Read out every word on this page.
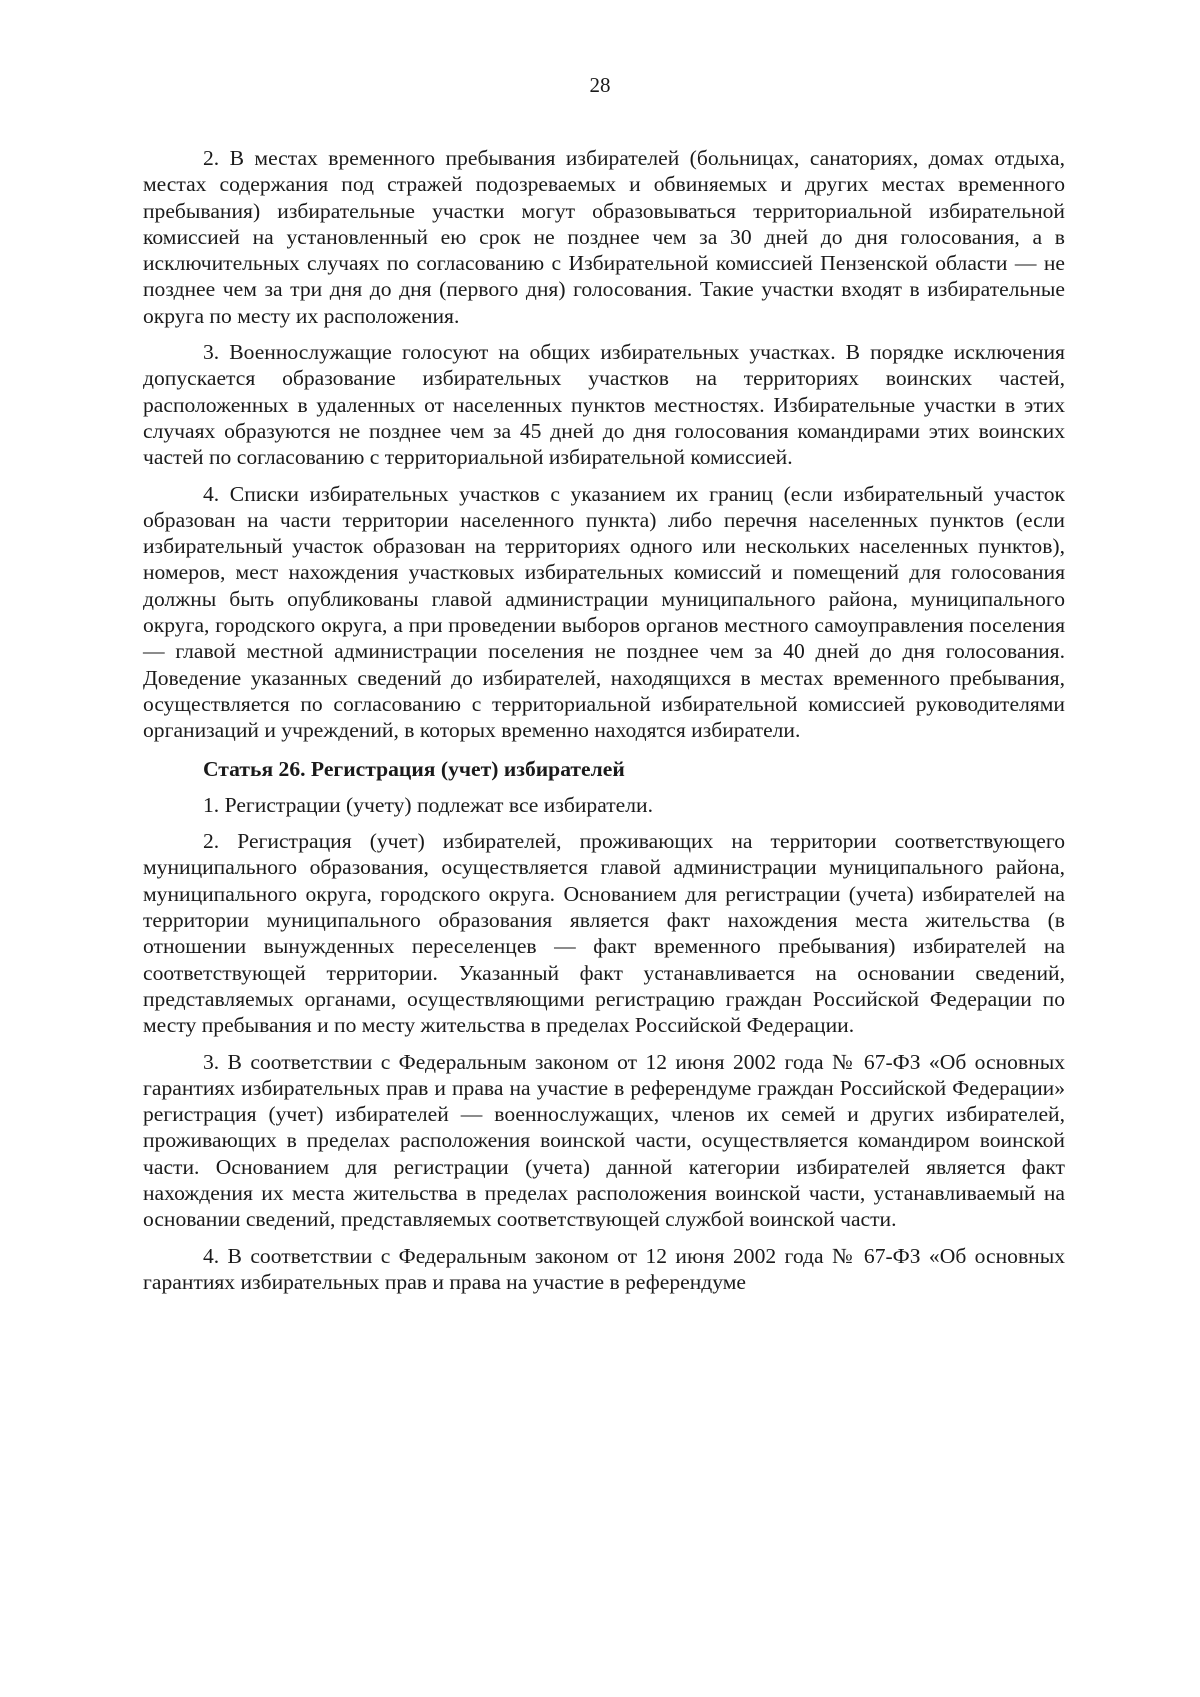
28

2. В местах временного пребывания избирателей (больницах, санаториях, домах отдыха, местах содержания под стражей подозреваемых и обвиняемых и других местах временного пребывания) избирательные участки могут образовываться территориальной избирательной комиссией на установленный ею срок не позднее чем за 30 дней до дня голосования, а в исключительных случаях по согласованию с Избирательной комиссией Пензенской области — не позднее чем за три дня до дня (первого дня) голосования. Такие участки входят в избирательные округа по месту их расположения.

3. Военнослужащие голосуют на общих избирательных участках. В порядке исключения допускается образование избирательных участков на территориях воинских частей, расположенных в удаленных от населенных пунктов местностях. Избирательные участки в этих случаях образуются не позднее чем за 45 дней до дня голосования командирами этих воинских частей по согласованию с территориальной избирательной комиссией.

4. Списки избирательных участков с указанием их границ (если избирательный участок образован на части территории населенного пункта) либо перечня населенных пунктов (если избирательный участок образован на территориях одного или нескольких населенных пунктов), номеров, мест нахождения участковых избирательных комиссий и помещений для голосования должны быть опубликованы главой администрации муниципального района, муниципального округа, городского округа, а при проведении выборов органов местного самоуправления поселения — главой местной администрации поселения не позднее чем за 40 дней до дня голосования. Доведение указанных сведений до избирателей, находящихся в местах временного пребывания, осуществляется по согласованию с территориальной избирательной комиссией руководителями организаций и учреждений, в которых временно находятся избиратели.

Статья 26. Регистрация (учет) избирателей

1. Регистрации (учету) подлежат все избиратели.

2. Регистрация (учет) избирателей, проживающих на территории соответствующего муниципального образования, осуществляется главой администрации муниципального района, муниципального округа, городского округа. Основанием для регистрации (учета) избирателей на территории муниципального образования является факт нахождения места жительства (в отношении вынужденных переселенцев — факт временного пребывания) избирателей на соответствующей территории. Указанный факт устанавливается на основании сведений, представляемых органами, осуществляющими регистрацию граждан Российской Федерации по месту пребывания и по месту жительства в пределах Российской Федерации.

3. В соответствии с Федеральным законом от 12 июня 2002 года № 67-ФЗ «Об основных гарантиях избирательных прав и права на участие в референдуме граждан Российской Федерации» регистрация (учет) избирателей — военнослужащих, членов их семей и других избирателей, проживающих в пределах расположения воинской части, осуществляется командиром воинской части. Основанием для регистрации (учета) данной категории избирателей является факт нахождения их места жительства в пределах расположения воинской части, устанавливаемый на основании сведений, представляемых соответствующей службой воинской части.

4. В соответствии с Федеральным законом от 12 июня 2002 года № 67-ФЗ «Об основных гарантиях избирательных прав и права на участие в референдуме
